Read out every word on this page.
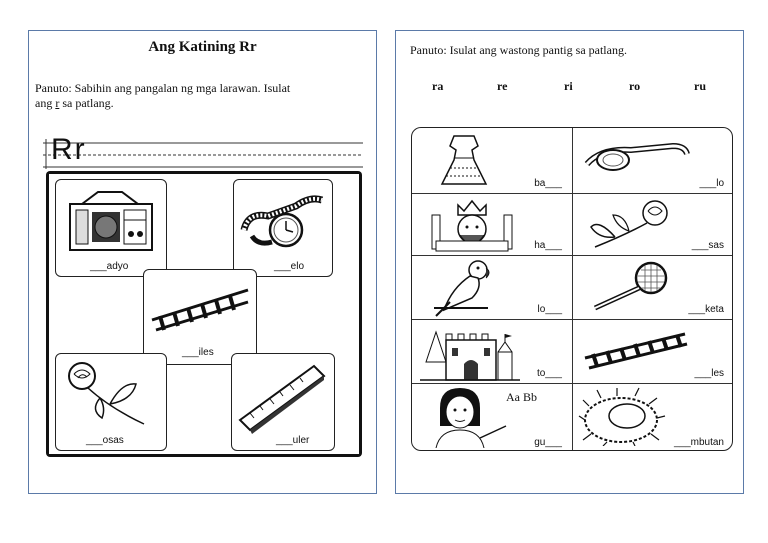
Ang Katining Rr
Panuto: Sabihin ang pangalan ng mga larawan. Isulat
ang r sa patlang.
Rr
___adyo	___elo
___iles
___osas	___uler
Panuto: Isulat ang wastong pantig sa patlang.
ra	re	ri	ro	ru
ba___	___lo
ha___	___sas
lo___	___keta
to___	___les
Aa Bb
gu___	___mbutan
